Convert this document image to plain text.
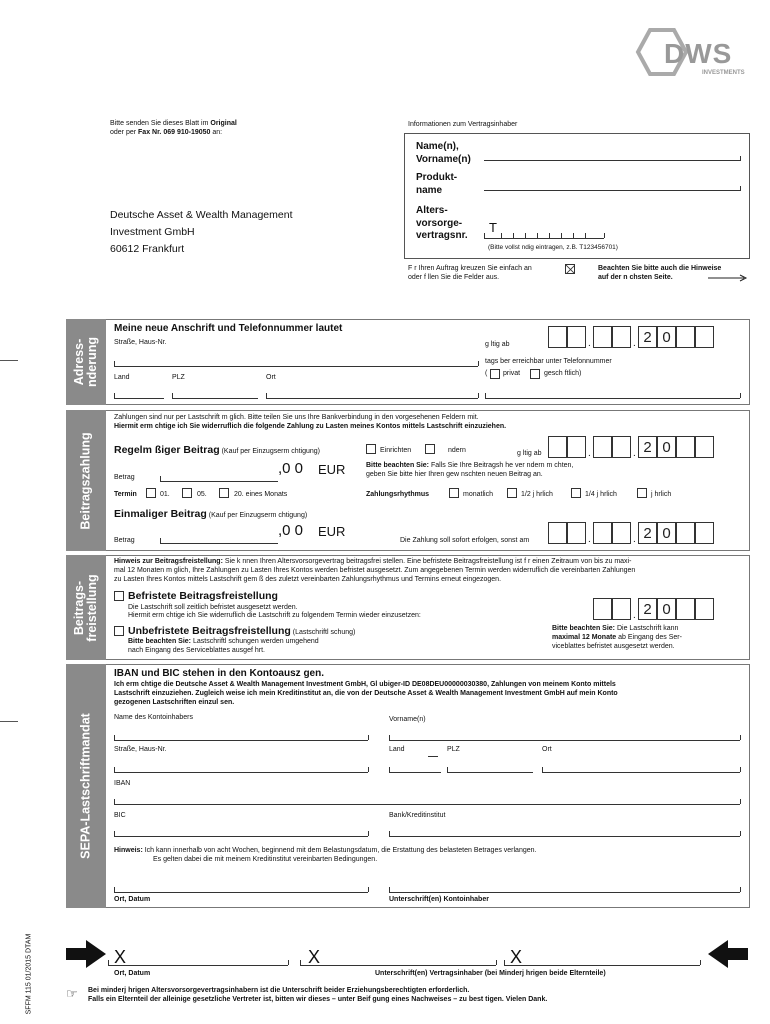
DWS
INVESTMENTS
Bitte senden Sie dieses Blatt im Original
oder per Fax Nr. 069 910-19050 an:
Deutsche Asset & Wealth Management
Investment GmbH
60612 Frankfurt
Informationen zum Vertragsinhaber
Name(n),
Vorname(n)
Produkt-
name
Alters-
vorsorge-
vertragsnr.
T
(Bitte vollst ndig eintragen, z.B. T123456701)
F r Ihren Auftrag kreuzen Sie einfach an
oder f llen Sie die Felder aus.
Beachten Sie bitte auch die Hinweise
auf der n chsten Seite.
Adress-
nderung
Meine neue Anschrift und Telefonnummer lautet
Straße, Haus-Nr.	g ltig ab	.	. 2 0
tags ber erreichbar unter Telefonnummer
( privat	gesch ftlich)
Land	PLZ	Ort
Beitragszahlung
Zahlungen sind nur per Lastschrift m glich. Bitte teilen Sie uns Ihre Bankverbindung in den vorgesehenen Feldern mit.
Hiermit erm chtige ich Sie widerruflich die folgende Zahlung zu Lasten meines Kontos mittels Lastschrift einzuziehen.
Regelm ßiger Beitrag (Kauf per Einzugserm chtigung)	Einrichten	ndern	g ltig ab	.	. 2 0
Betrag
,0 0 EUR	Bitte beachten Sie: Falls Sie Ihre Beitragsh he ver ndern m chten,
geben Sie bitte hier Ihren gew nschten neuen Beitrag an.
Termin	01.	05.	20. eines Monats	Zahlungsrhythmus	monatlich	1/2 j hrlich	1/4 j hrlich	j hrlich
Einmaliger Beitrag (Kauf per Einzugserm chtigung)
Betrag
,0 0 EUR
Die Zahlung soll sofort erfolgen, sonst am	.	. 2 0
Beitrags-
freistellung
Hinweis zur Beitragsfreistellung: Sie k nnen Ihren Altersvorsorgevertrag beitragsfrei stellen. Eine befristete Beitragsfreistellung ist f r einen Zeitraum von bis zu maxi-
mal 12 Monaten m glich, Ihre Zahlungen zu Lasten Ihres Kontos werden befristet ausgesetzt. Zum angegebenen Termin werden widerruflich die vereinbarten Zahlungen
zu Lasten Ihres Kontos mittels Lastschrift gem ß des zuletzt vereinbarten Zahlungsrhythmus und Termins erneut eingezogen.
Befristete Beitragsfreistellung
Die Lastschrift soll zeitlich befristet ausgesetzt werden.
Hiermit erm chtige ich Sie widerruflich die Lastschrift zu folgendem Termin wieder einzusetzen:	. 2 0
Unbefristete Beitragsfreistellung (Lastschriftl schung)
Bitte beachten Sie: Lastschriftl schungen werden umgehend
nach Eingang des Serviceblattes ausgef hrt.
Bitte beachten Sie: Die Lastschrift kann
maximal 12 Monate ab Eingang des Ser-
viceblattes befristet ausgesetzt werden.
SEPA-Lastschriftmandat
IBAN und BIC stehen in den Kontoausz gen.
Ich erm chtige die Deutsche Asset & Wealth Management Investment GmbH, Gl ubiger-ID DE08DEU00000030380, Zahlungen von meinem Konto mittels
Lastschrift einzuziehen. Zugleich weise ich mein Kreditinstitut an, die von der Deutsche Asset & Wealth Management Investment GmbH auf mein Konto
gezogenen Lastschriften einzul sen.
Name des Kontoinhabers	Vorname(n)
Straße, Haus-Nr.	Land	PLZ	Ort
IBAN
BIC	Bank/Kreditinstitut
Hinweis: Ich kann innerhalb von acht Wochen, beginnend mit dem Belastungsdatum, die Erstattung des belasteten Betrages verlangen.
Es gelten dabei die mit meinem Kreditinstitut vereinbarten Bedingungen.
Ort, Datum	Unterschrift(en) Kontoinhaber
SFFM 115 01/2015 DTAM	X	X	X
Ort, Datum	Unterschrift(en) Vertragsinhaber (bei Minderj hrigen beide Elternteile)
☞ Bei minderj hrigen Altersvorsorgevertragsinhabern ist die Unterschrift beider Erziehungsberechtigten erforderlich.
Falls ein Elternteil der alleinige gesetzliche Vertreter ist, bitten wir dieses – unter Beif gung eines Nachweises – zu best tigen. Vielen Dank.
